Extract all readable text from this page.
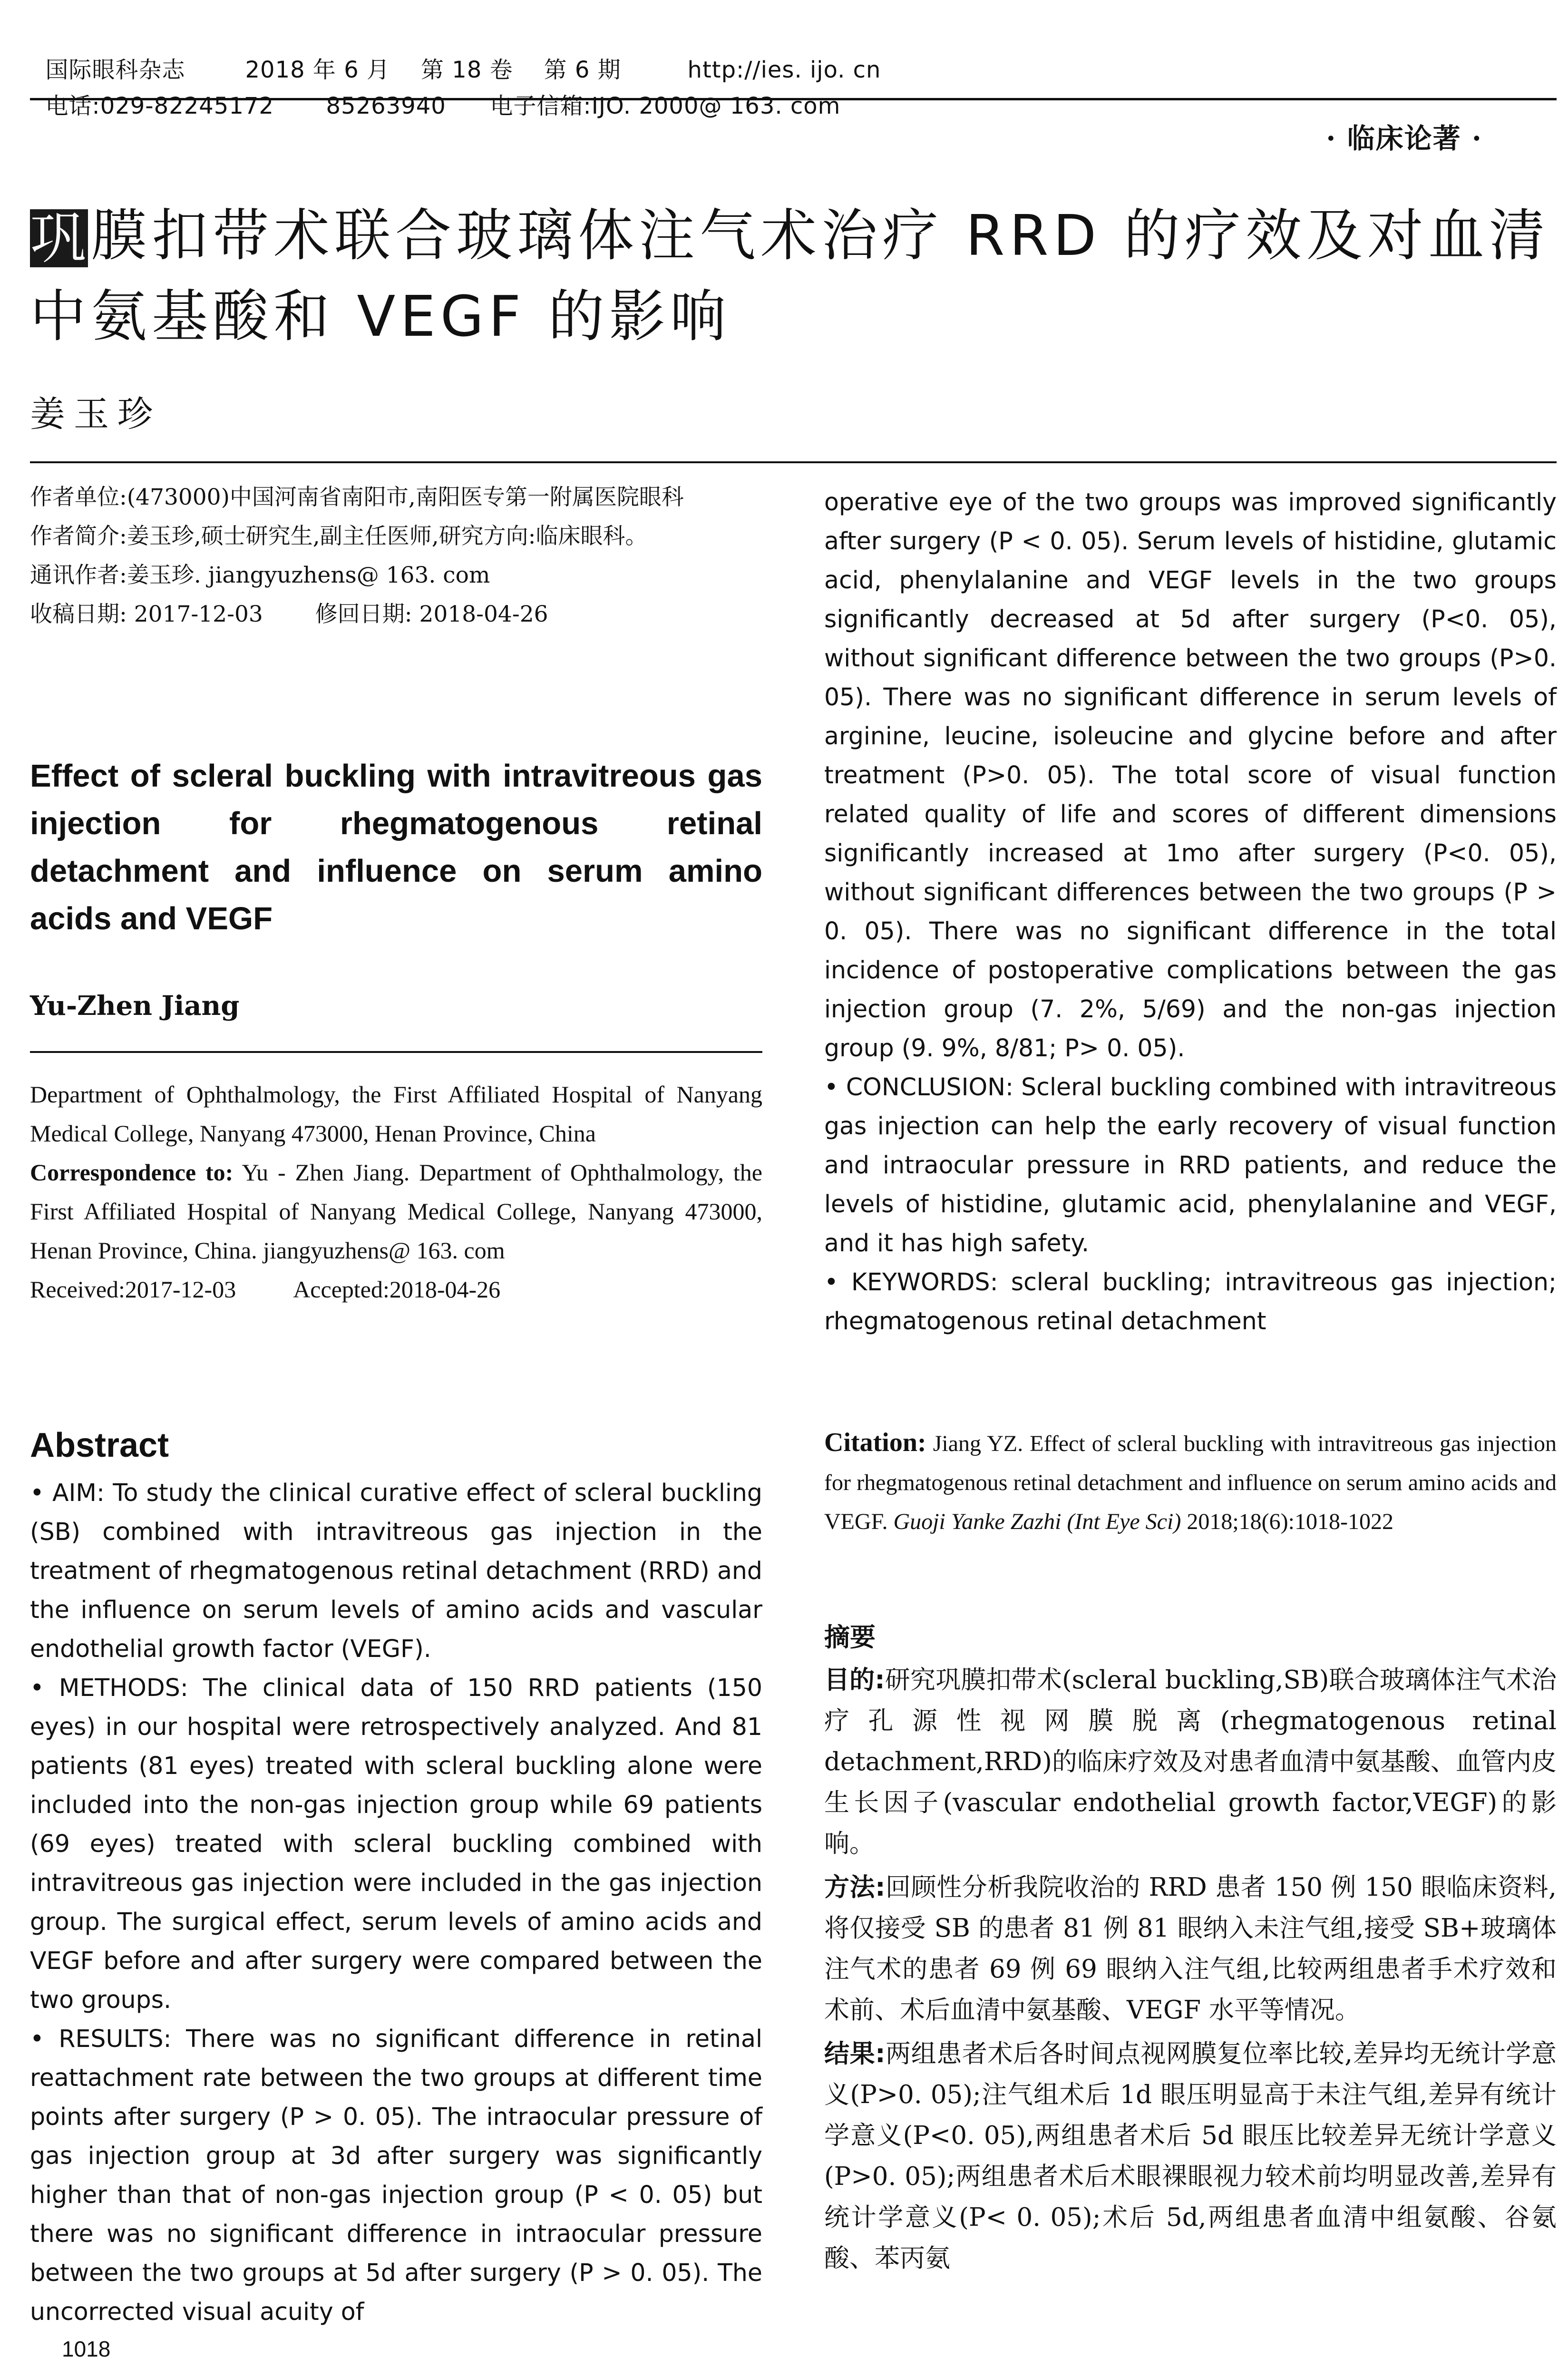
国际眼科杂志	2018 年 6 月    第 18 卷    第 6 期	http://ies. ijo. cn

电话:029-82245172 85263940 电子信箱:IJO. 2000@ 163. com

· 临床论著 ·
巩膜扣带术联合玻璃体注气术治疗 RRD 的疗效及对血清中氨基酸和 VEGF 的影响
姜玉珍

作者单位:(473000)中国河南省南阳市,南阳医专第一附属医院眼科

作者简介:姜玉珍,硕士研究生,副主任医师,研究方向:临床眼科。

通讯作者:姜玉珍. jiangyuzhens@ 163. com

收稿日期: 2017-12-03 修回日期: 2018-04-26

Effect of scleral buckling with intravitreous gas injection for rhegmatogenous retinal detachment and influence on serum amino acids and VEGF
Yu-Zhen Jiang

Department of Ophthalmology, the First Affiliated Hospital of Nanyang Medical College, Nanyang 473000, Henan Province, China

Correspondence to: Yu - Zhen Jiang. Department of Ophthalmology, the First Affiliated Hospital of Nanyang Medical College, Nanyang 473000, Henan Province, China. jiangyuzhens@ 163. com

Received:2017-12-03 Accepted:2018-04-26

Abstract

• AIM: To study the clinical curative effect of scleral buckling (SB) combined with intravitreous gas injection in the treatment of rhegmatogenous retinal detachment (RRD) and the influence on serum levels of amino acids and vascular endothelial growth factor (VEGF).

• METHODS: The clinical data of 150 RRD patients (150 eyes) in our hospital were retrospectively analyzed. And 81 patients (81 eyes) treated with scleral buckling alone were included into the non-gas injection group while 69 patients (69 eyes) treated with scleral buckling combined with intravitreous gas injection were included in the gas injection group. The surgical effect, serum levels of amino acids and VEGF before and after surgery were compared between the two groups.

• RESULTS: There was no significant difference in retinal reattachment rate between the two groups at different time points after surgery (P > 0. 05). The intraocular pressure of gas injection group at 3d after surgery was significantly higher than that of non-gas injection group (P < 0. 05) but there was no significant difference in intraocular pressure between the two groups at 5d after surgery (P > 0. 05). The uncorrected visual acuity of

operative eye of the two groups was improved significantly after surgery (P < 0. 05). Serum levels of histidine, glutamic acid, phenylalanine and VEGF levels in the two groups significantly decreased at 5d after surgery (P<0. 05), without significant difference between the two groups (P>0. 05). There was no significant difference in serum levels of arginine, leucine, isoleucine and glycine before and after treatment (P>0. 05). The total score of visual function related quality of life and scores of different dimensions significantly increased at 1mo after surgery (P<0. 05), without significant differences between the two groups (P > 0. 05). There was no significant difference in the total incidence of postoperative complications between the gas injection group (7. 2%, 5/69) and the non-gas injection group (9. 9%, 8/81; P> 0. 05).

• CONCLUSION: Scleral buckling combined with intravitreous gas injection can help the early recovery of visual function and intraocular pressure in RRD patients, and reduce the levels of histidine, glutamic acid, phenylalanine and VEGF, and it has high safety.

• KEYWORDS: scleral buckling; intravitreous gas injection; rhegmatogenous retinal detachment

Citation: Jiang YZ. Effect of scleral buckling with intravitreous gas injection for rhegmatogenous retinal detachment and influence on serum amino acids and VEGF. Guoji Yanke Zazhi (Int Eye Sci) 2018;18(6):1018-1022
摘要

目的:研究巩膜扣带术(scleral buckling,SB)联合玻璃体注气术治疗孔源性视网膜脱离(rhegmatogenous retinal detachment,RRD)的临床疗效及对患者血清中氨基酸、血管内皮生长因子(vascular endothelial growth factor,VEGF)的影响。

方法:回顾性分析我院收治的 RRD 患者 150 例 150 眼临床资料,将仅接受 SB 的患者 81 例 81 眼纳入未注气组,接受 SB+玻璃体注气术的患者 69 例 69 眼纳入注气组,比较两组患者手术疗效和术前、术后血清中氨基酸、VEGF 水平等情况。

结果:两组患者术后各时间点视网膜复位率比较,差异均无统计学意义(P>0. 05);注气组术后 1d 眼压明显高于未注气组,差异有统计学意义(P<0. 05),两组患者术后 5d 眼压比较差异无统计学意义(P>0. 05);两组患者术后术眼裸眼视力较术前均明显改善,差异有统计学意义(P< 0. 05);术后 5d,两组患者血清中组氨酸、谷氨酸、苯丙氨

1018
